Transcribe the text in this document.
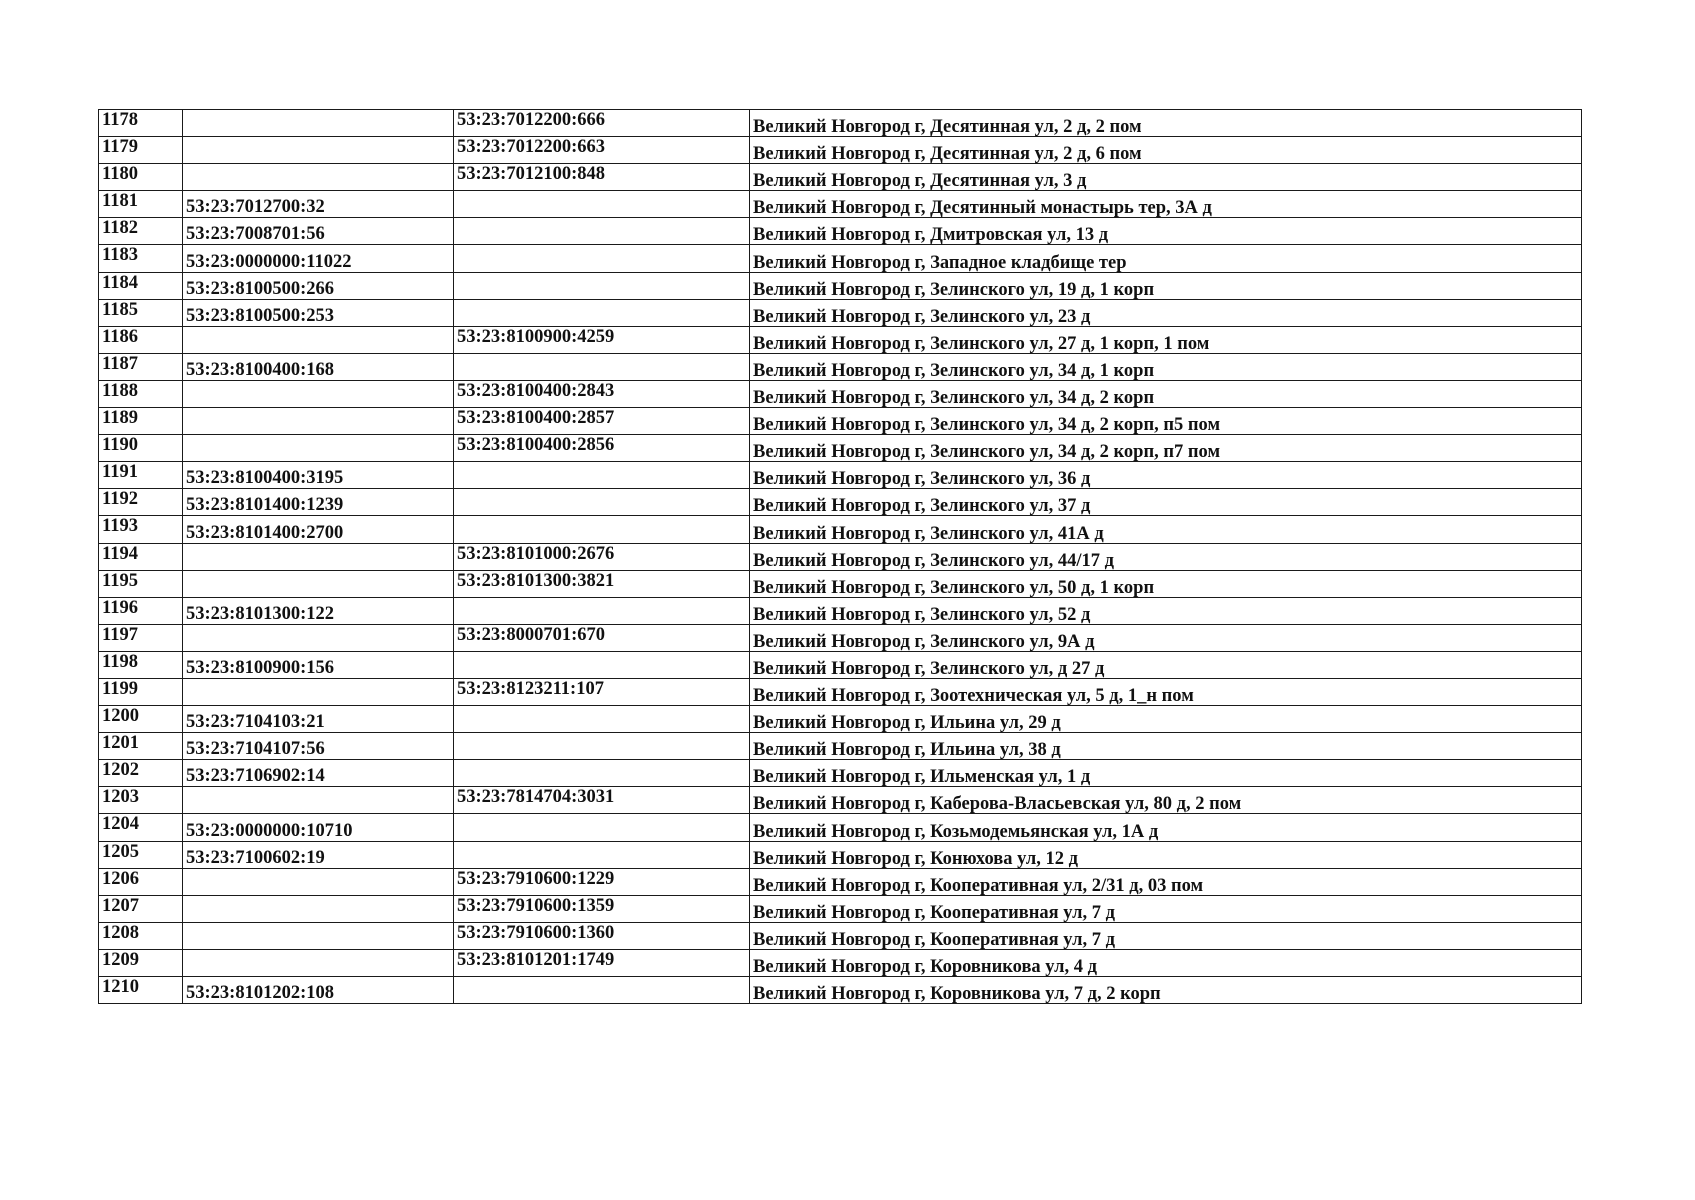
1178		53:23:7012200:666	Великий Новгород г, Десятинная ул, 2 д, 2 пом
1179		53:23:7012200:663	Великий Новгород г, Десятинная ул, 2 д, 6 пом
1180		53:23:7012100:848	Великий Новгород г, Десятинная ул, 3 д
1181	53:23:7012700:32		Великий Новгород г, Десятинный монастырь тер, 3А д
1182	53:23:7008701:56		Великий Новгород г, Дмитровская ул, 13 д
1183	53:23:0000000:11022		Великий Новгород г, Западное кладбище тер
1184	53:23:8100500:266		Великий Новгород г, Зелинского ул, 19 д, 1 корп
1185	53:23:8100500:253		Великий Новгород г, Зелинского ул, 23 д
1186		53:23:8100900:4259	Великий Новгород г, Зелинского ул, 27 д, 1 корп, 1 пом
1187	53:23:8100400:168		Великий Новгород г, Зелинского ул, 34 д, 1 корп
1188		53:23:8100400:2843	Великий Новгород г, Зелинского ул, 34 д, 2 корп
1189		53:23:8100400:2857	Великий Новгород г, Зелинского ул, 34 д, 2 корп, п5 пом
1190		53:23:8100400:2856	Великий Новгород г, Зелинского ул, 34 д, 2 корп, п7 пом
1191	53:23:8100400:3195		Великий Новгород г, Зелинского ул, 36 д
1192	53:23:8101400:1239		Великий Новгород г, Зелинского ул, 37 д
1193	53:23:8101400:2700		Великий Новгород г, Зелинского ул, 41А д
1194		53:23:8101000:2676	Великий Новгород г, Зелинского ул, 44/17 д
1195		53:23:8101300:3821	Великий Новгород г, Зелинского ул, 50 д, 1 корп
1196	53:23:8101300:122		Великий Новгород г, Зелинского ул, 52 д
1197		53:23:8000701:670	Великий Новгород г, Зелинского ул, 9А д
1198	53:23:8100900:156		Великий Новгород г, Зелинского ул, д 27 д
1199		53:23:8123211:107	Великий Новгород г, Зоотехническая ул, 5 д, 1_н пом
1200	53:23:7104103:21		Великий Новгород г, Ильина ул, 29 д
1201	53:23:7104107:56		Великий Новгород г, Ильина ул, 38 д
1202	53:23:7106902:14		Великий Новгород г, Ильменская ул, 1 д
1203		53:23:7814704:3031	Великий Новгород г, Каберова-Власьевская ул, 80 д, 2 пом
1204	53:23:0000000:10710		Великий Новгород г, Козьмодемьянская ул, 1А д
1205	53:23:7100602:19		Великий Новгород г, Конюхова ул, 12 д
1206		53:23:7910600:1229	Великий Новгород г, Кооперативная ул, 2/31 д, 03 пом
1207		53:23:7910600:1359	Великий Новгород г, Кооперативная ул, 7 д
1208		53:23:7910600:1360	Великий Новгород г, Кооперативная ул, 7 д
1209		53:23:8101201:1749	Великий Новгород г, Коровникова ул, 4 д
1210	53:23:8101202:108		Великий Новгород г, Коровникова ул, 7 д, 2 корп
